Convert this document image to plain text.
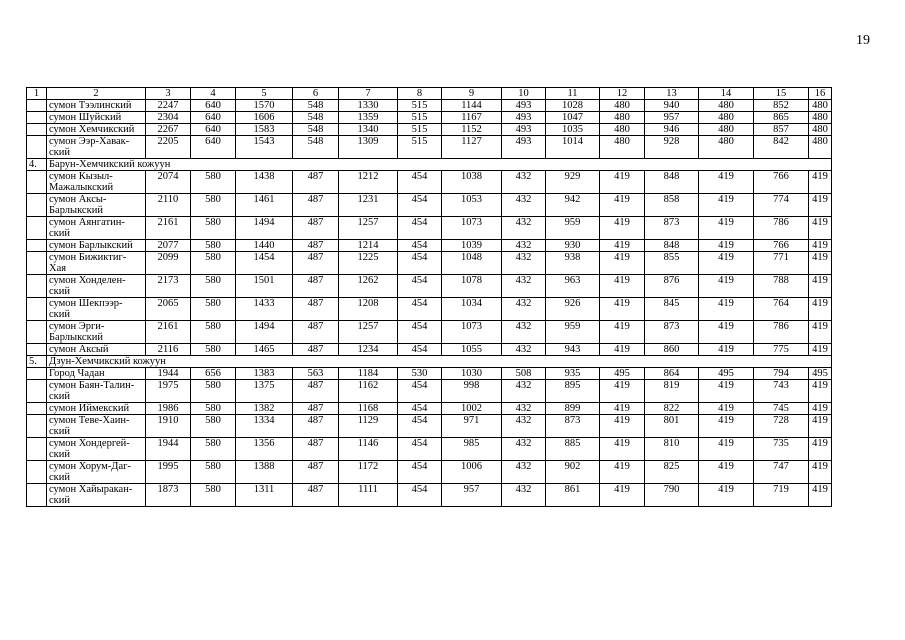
19
1	2	3	4	5	6	7	8	9	10	11	12	13	14	15	16
	сумон Тээлинский	2247	640	1570	548	1330	515	1144	493	1028	480	940	480	852	480
	сумон Шуйский	2304	640	1606	548	1359	515	1167	493	1047	480	957	480	865	480
	сумон Хемчикский	2267	640	1583	548	1340	515	1152	493	1035	480	946	480	857	480
	сумон Ээр-Хавак-ский	2205	640	1543	548	1309	515	1127	493	1014	480	928	480	842	480
4.	Барун-Хемчикский кожуун														
	сумон Кызыл-Мажалыкский	2074	580	1438	487	1212	454	1038	432	929	419	848	419	766	419
	сумон Аксы-Барлыкский	2110	580	1461	487	1231	454	1053	432	942	419	858	419	774	419
	сумон Аянгатин-ский	2161	580	1494	487	1257	454	1073	432	959	419	873	419	786	419
	сумон Барлыкский	2077	580	1440	487	1214	454	1039	432	930	419	848	419	766	419
	сумон Бижиктиг-Хая	2099	580	1454	487	1225	454	1048	432	938	419	855	419	771	419
	сумон Хонделен-ский	2173	580	1501	487	1262	454	1078	432	963	419	876	419	788	419
	сумон Шекпээр-ский	2065	580	1433	487	1208	454	1034	432	926	419	845	419	764	419
	сумон Эрги-Барлыкский	2161	580	1494	487	1257	454	1073	432	959	419	873	419	786	419
	сумон Аксый	2116	580	1465	487	1234	454	1055	432	943	419	860	419	775	419
5.	Дзун-Хемчикский кожуун														
	Город Чадан	1944	656	1383	563	1184	530	1030	508	935	495	864	495	794	495
	сумон Баян-Талин-ский	1975	580	1375	487	1162	454	998	432	895	419	819	419	743	419
	сумон Иймекский	1986	580	1382	487	1168	454	1002	432	899	419	822	419	745	419
	сумон Теве-Хаин-ский	1910	580	1334	487	1129	454	971	432	873	419	801	419	728	419
	сумон Хондергей-ский	1944	580	1356	487	1146	454	985	432	885	419	810	419	735	419
	сумон Хорум-Даг-ский	1995	580	1388	487	1172	454	1006	432	902	419	825	419	747	419
	сумон Хайыракан-ский	1873	580	1311	487	1111	454	957	432	861	419	790	419	719	419
